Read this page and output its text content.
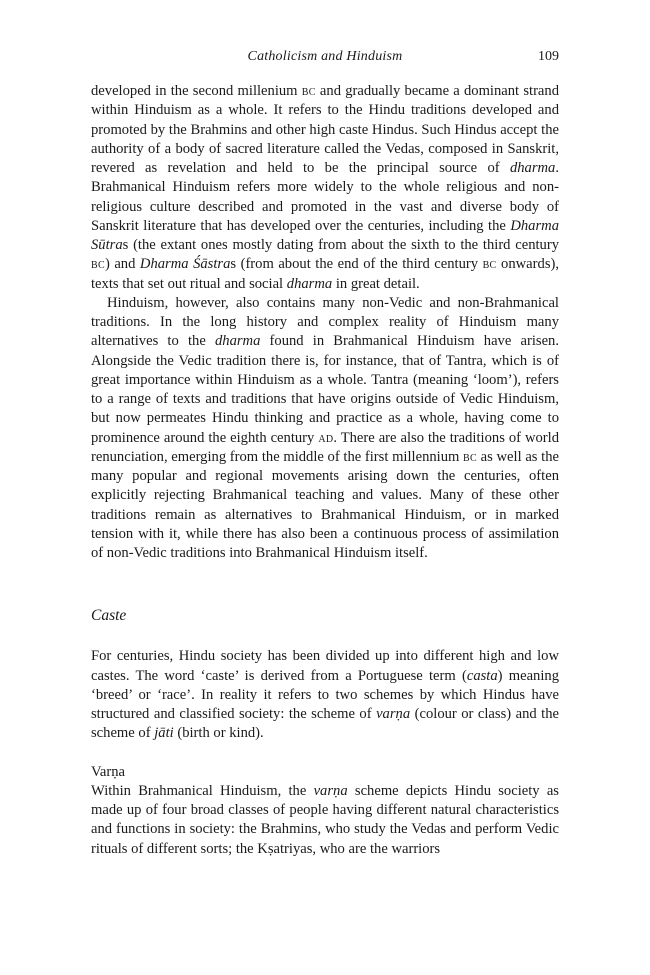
Catholicism and Hinduism	109

developed in the second millenium bc and gradually became a dominant strand within Hinduism as a whole. It refers to the Hindu traditions developed and promoted by the Brahmins and other high caste Hindus. Such Hindus accept the authority of a body of sacred literature called the Vedas, composed in Sanskrit, revered as revelation and held to be the principal source of dharma. Brahmanical Hinduism refers more widely to the whole religious and non-religious culture described and promoted in the vast and diverse body of Sanskrit literature that has developed over the centuries, including the Dharma Sūtras (the extant ones mostly dating from about the sixth to the third century bc) and Dharma Śāstras (from about the end of the third century bc onwards), texts that set out ritual and social dharma in great detail.

Hinduism, however, also contains many non-Vedic and non-Brahmanical traditions. In the long history and complex reality of Hinduism many alternatives to the dharma found in Brahmanical Hinduism have arisen. Alongside the Vedic tradition there is, for instance, that of Tantra, which is of great importance within Hinduism as a whole. Tantra (meaning ‘loom’), refers to a range of texts and traditions that have origins outside of Vedic Hinduism, but now permeates Hindu thinking and practice as a whole, having come to prominence around the eighth century ad. There are also the traditions of world renunciation, emerging from the middle of the first millennium bc as well as the many popular and regional movements arising down the centuries, often explicitly rejecting Brahmanical teaching and values. Many of these other traditions remain as alternatives to Brahmanical Hinduism, or in marked tension with it, while there has also been a continuous process of assimilation of non-Vedic traditions into Brahmanical Hinduism itself.

Caste

For centuries, Hindu society has been divided up into different high and low castes. The word ‘caste’ is derived from a Portuguese term (casta) meaning ‘breed’ or ‘race’. In reality it refers to two schemes by which Hindus have structured and classified society: the scheme of varṇa (colour or class) and the scheme of jāti (birth or kind).

Varṇa

Within Brahmanical Hinduism, the varṇa scheme depicts Hindu society as made up of four broad classes of people having different natural characteristics and functions in society: the Brahmins, who study the Vedas and perform Vedic rituals of different sorts; the Kṣatriyas, who are the warriors
